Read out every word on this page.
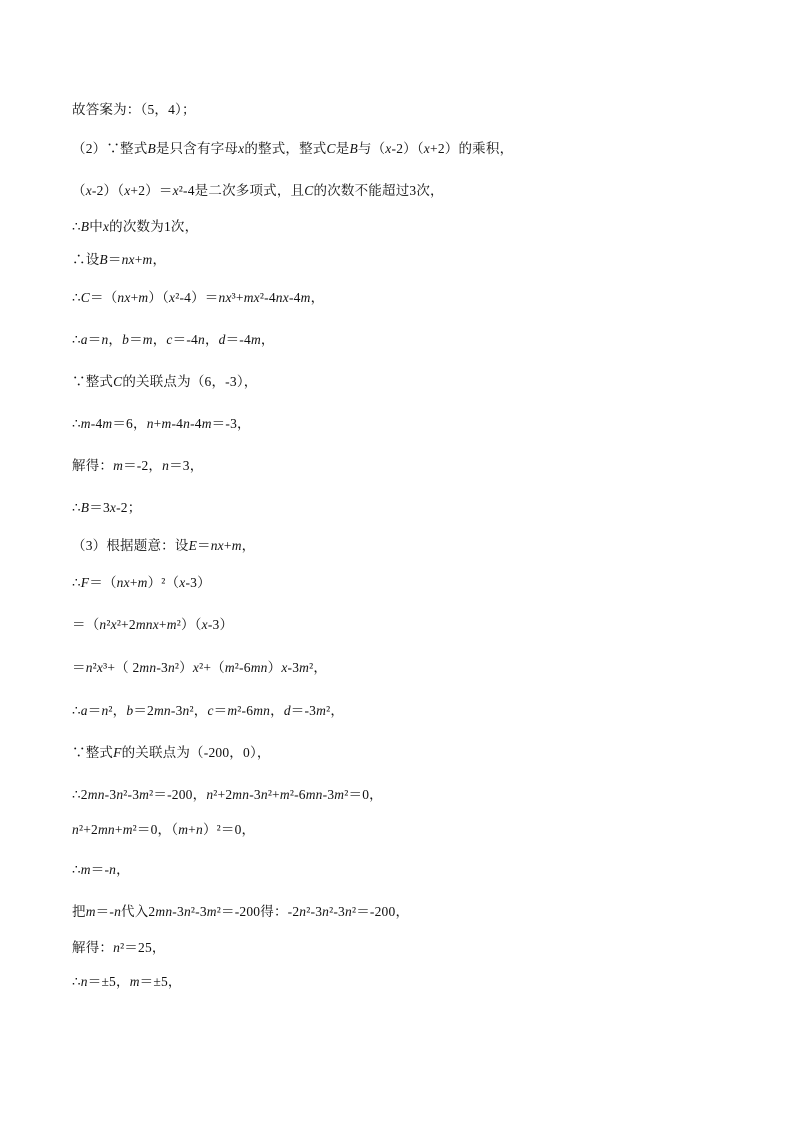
故答案为：（5，4）；

（2）∵整式B是只含有字母x的整式，整式C是B与（x-2）（x+2）的乘积，

（x-2）（x+2）＝x²-4是二次多项式，且C的次数不能超过3次，

∴B中x的次数为1次，

∴设B＝nx+m，

∴C＝（nx+m）（x²-4）＝nx³+mx²-4nx-4m，

∴a＝n，b＝m，c＝-4n，d＝-4m，

∵整式C的关联点为（6，-3），

∴m-4m＝6，n+m-4n-4m＝-3，

解得：m＝-2，n＝3，

∴B＝3x-2；

（3）根据题意：设E＝nx+m，

∴F＝（nx+m）²（x-3）

＝（n²x²+2mnx+m²）（x-3）

＝n²x³+（ 2mn-3n²）x²+（m²-6mn）x-3m²，

∴a＝n²，b＝2mn-3n²，c＝m²-6mn，d＝-3m²，

∵整式F的关联点为（-200，0），

∴2mn-3n²-3m²＝-200，n²+2mn-3n²+m²-6mn-3m²＝0，

n²+2mn+m²＝0，（m+n）²＝0，

∴m＝-n，

把m＝-n代入2mn-3n²-3m²＝-200得：-2n²-3n²-3n²＝-200，

解得：n²＝25，

∴n＝±5，m＝±5，
